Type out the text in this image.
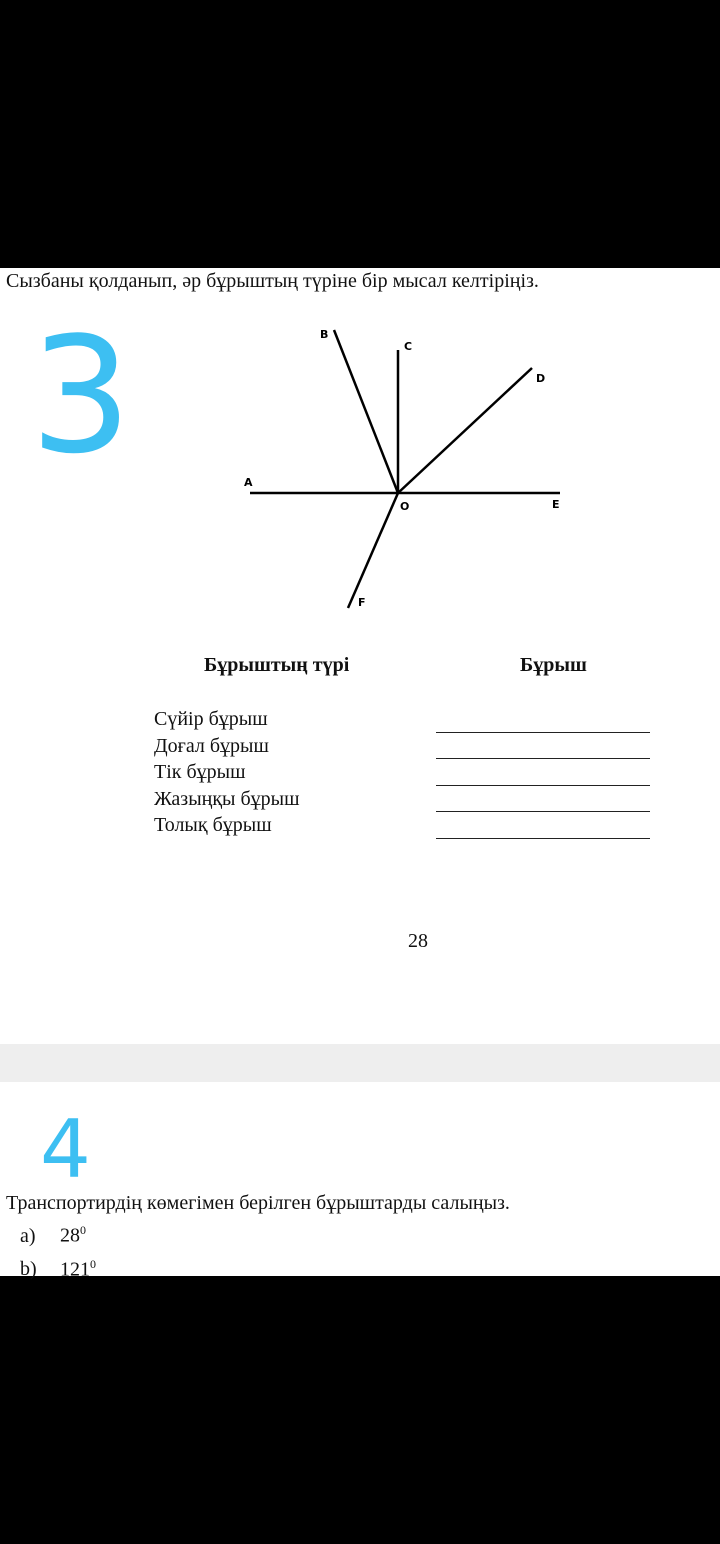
Сызбаны қолданып, әр бұрыштың түріне бір мысал келтіріңіз.
3	A
B
C
D
E
O
F
Бұрыштың түрі	Бұрыш
Сүйір бұрыш
Доғал бұрыш
Тік бұрыш
Жазыңқы бұрыш
Толық бұрыш
28
4
Транспортирдің көмегімен берілген бұрыштарды салыңыз.
a) $28^0$
b) $121^0$
